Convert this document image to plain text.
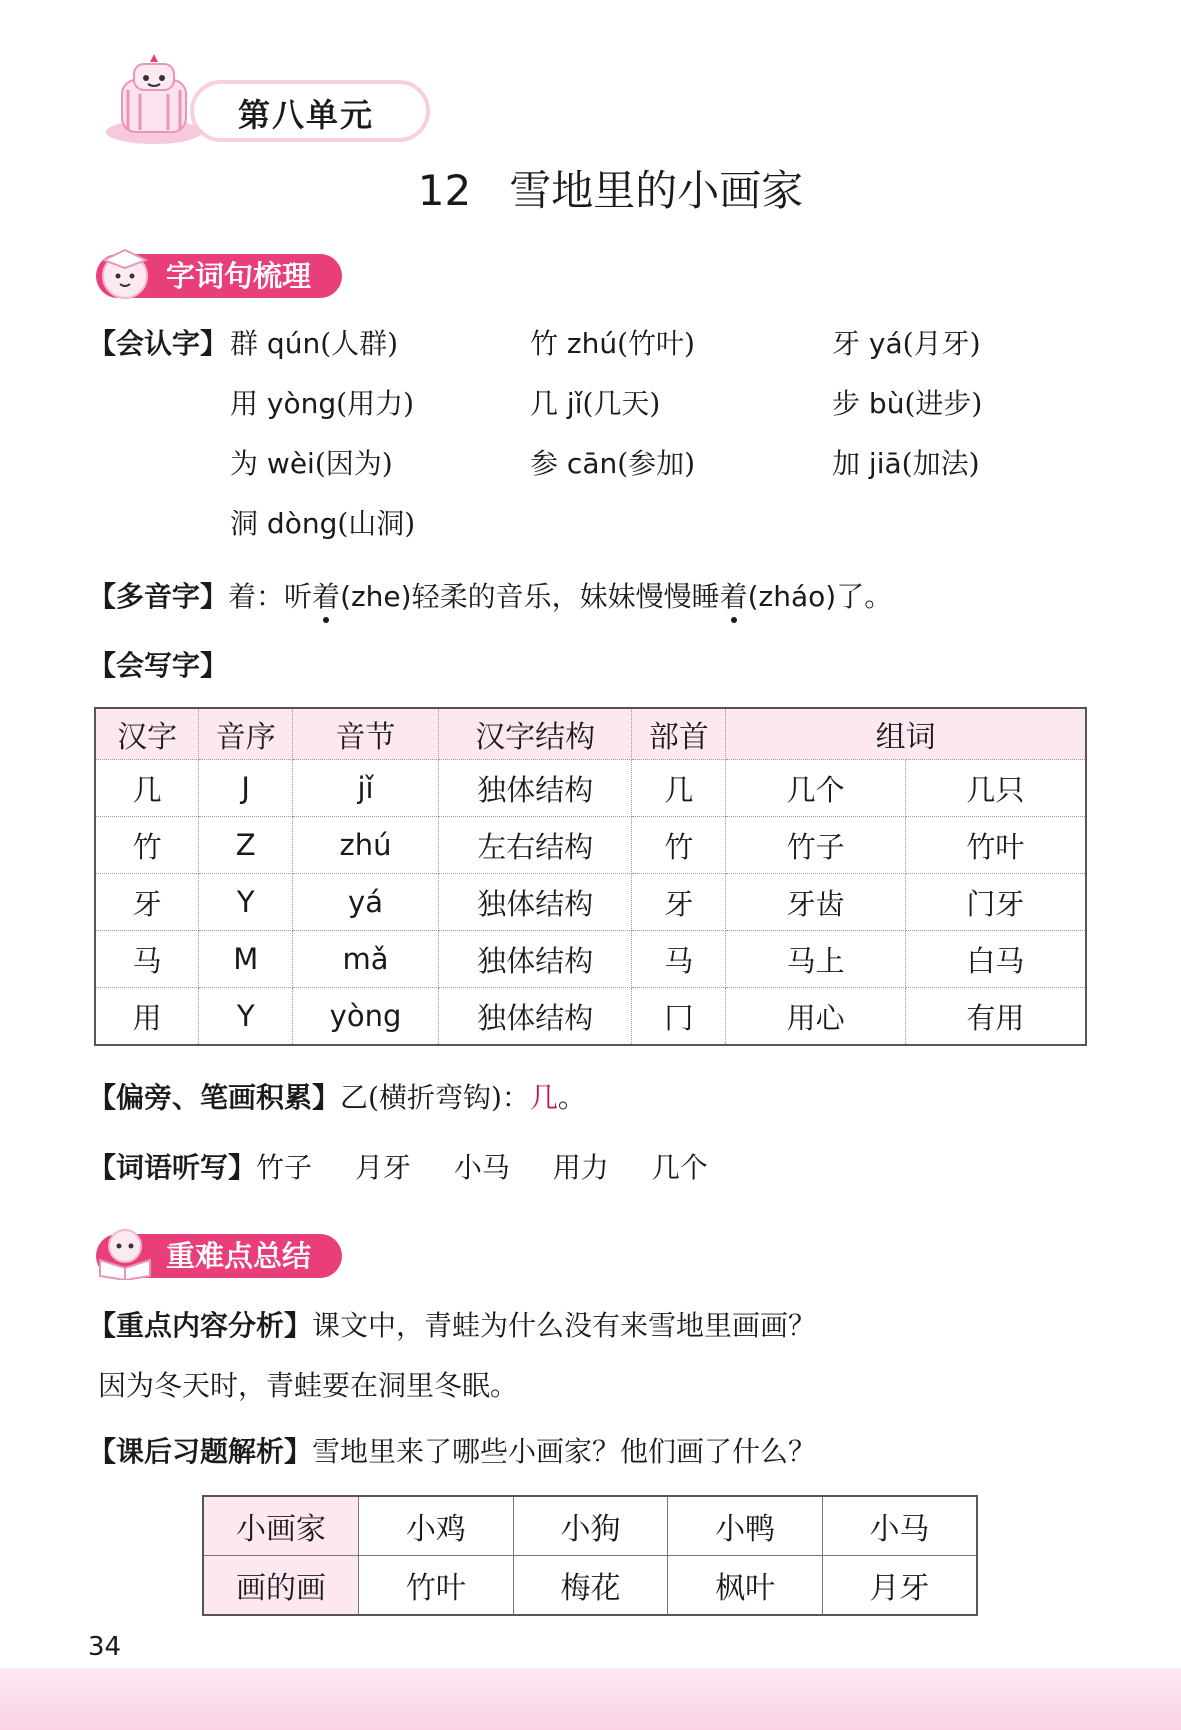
第八单元
12 雪地里的小画家
字词句梳理
【会认字】 群 qún(人群)	竹 zhú(竹叶)	牙 yá(月牙)
用 yòng(用力)	几 jǐ(几天)	步 bù(进步)
为 wèi(因为)	参 cān(参加)	加 jiā(加法)
洞 dòng(山洞)
【多音字】着：听着(zhe)轻柔的音乐，妹妹慢慢睡着(zháo)了。
【会写字】
汉字	音序	音节	汉字结构	部首	组词	
几	J	jǐ	独体结构	几	几个	几只
竹	Z	zhú	左右结构	竹	竹子	竹叶
牙	Y	yá	独体结构	牙	牙齿	门牙
马	M	mǎ	独体结构	马	马上	白马
用	Y	yòng	独体结构	冂	用心	有用
【偏旁、笔画积累】乙(横折弯钩)：几。
【词语听写】竹子 月牙 小马 用力 几个
重难点总结
【重点内容分析】课文中，青蛙为什么没有来雪地里画画？
因为冬天时，青蛙要在洞里冬眠。
【课后习题解析】雪地里来了哪些小画家？他们画了什么？
小画家	小鸡	小狗	小鸭	小马
画的画	竹叶	梅花	枫叶	月牙
34
